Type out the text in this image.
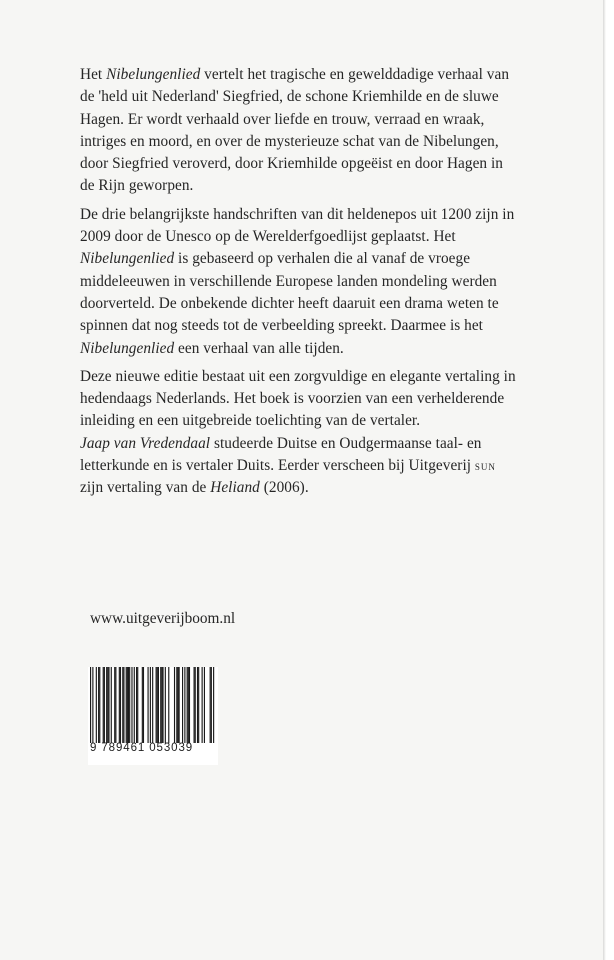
Het Nibelungenlied vertelt het tragische en gewelddadige verhaal van de 'held uit Nederland' Siegfried, de schone Kriemhilde en de sluwe Hagen. Er wordt verhaald over liefde en trouw, verraad en wraak, intriges en moord, en over de mysterieuze schat van de Nibelungen, door Siegfried veroverd, door Kriemhilde opgeëist en door Hagen in de Rijn geworpen.

De drie belangrijkste handschriften van dit heldenepos uit 1200 zijn in 2009 door de Unesco op de Werelderfgoedlijst geplaatst. Het Nibelungenlied is gebaseerd op verhalen die al vanaf de vroege middeleeuwen in verschillende Europese landen mondeling werden doorverteld. De onbekende dichter heeft daaruit een drama weten te spinnen dat nog steeds tot de verbeelding spreekt. Daarmee is het Nibelungenlied een verhaal van alle tijden.

Deze nieuwe editie bestaat uit een zorgvuldige en elegante vertaling in hedendaags Nederlands. Het boek is voorzien van een verhelderende inleiding en een uitgebreide toelichting van de vertaler.

Jaap van Vredendaal studeerde Duitse en Oudgermaanse taal- en letterkunde en is vertaler Duits. Eerder verscheen bij Uitgeverij sun zijn vertaling van de Heliand (2006).

www.uitgeverijboom.nl
9 789461 053039
